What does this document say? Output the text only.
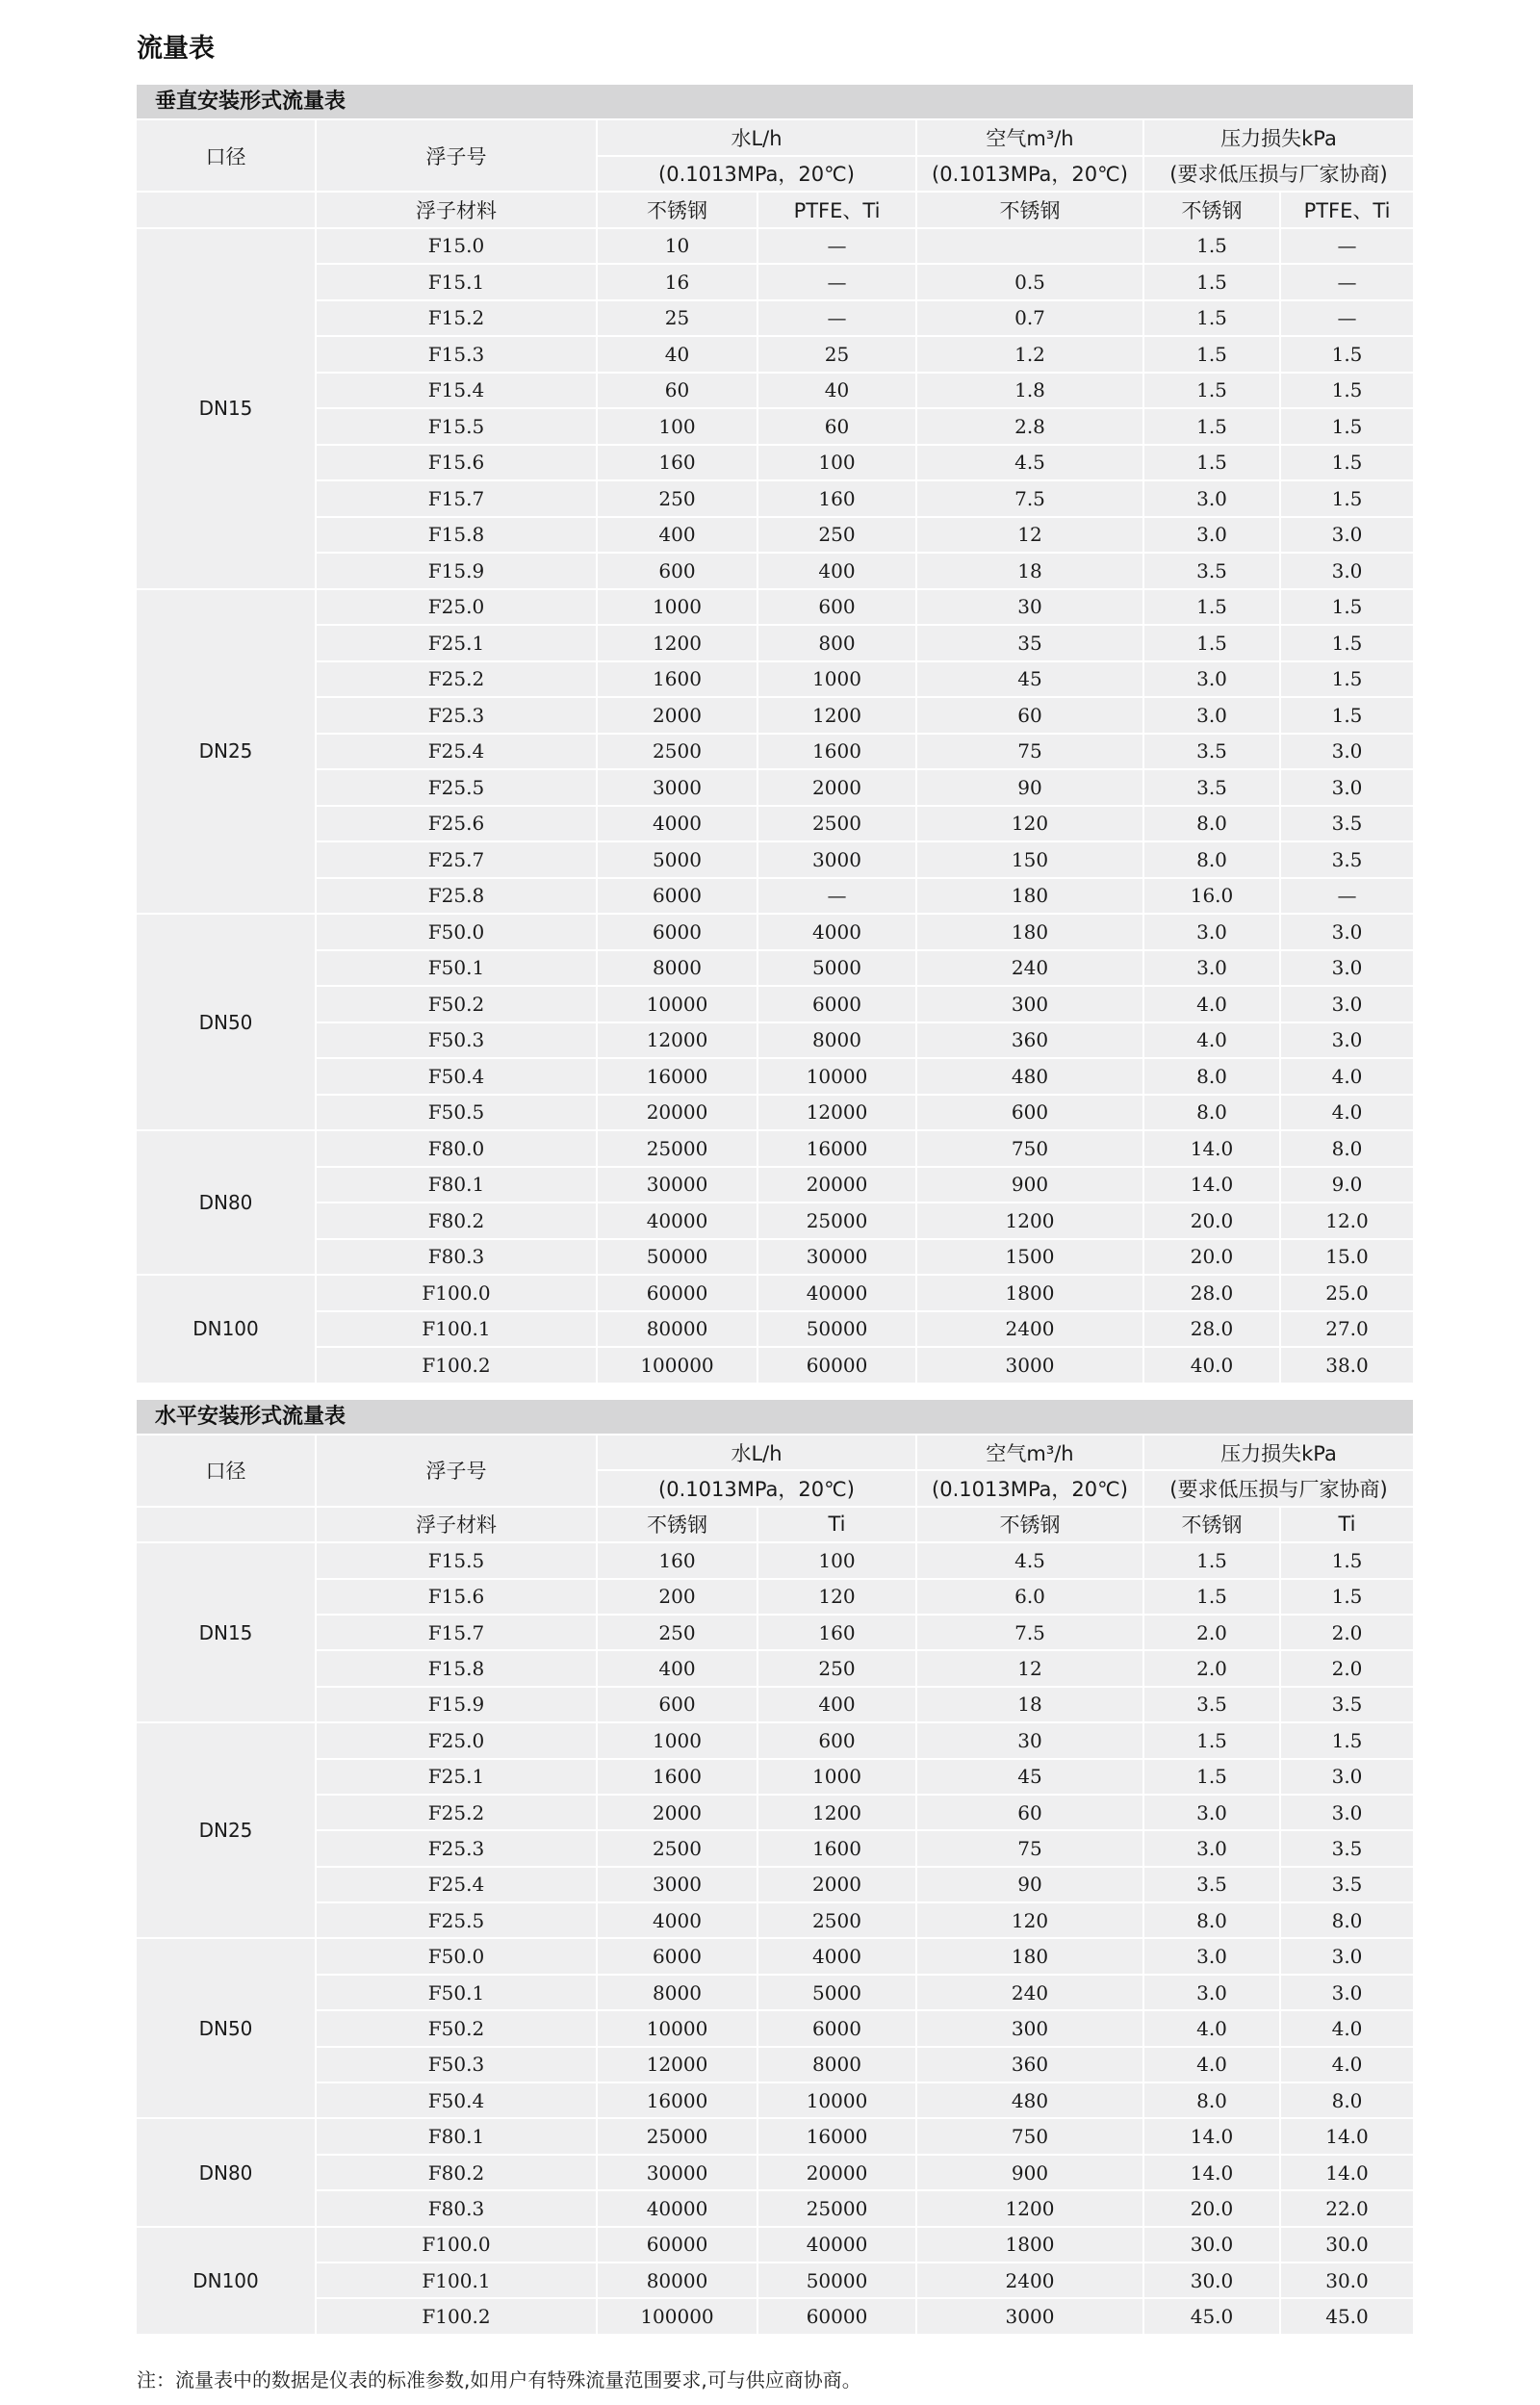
流量表
垂直安装形式流量表
口径	浮子号	水L/h		空气m³/h	压力损失kPa	
		(0.1013MPa，20℃)		(0.1013MPa，20℃)	(要求低压损与厂家协商)	
	浮子材料	不锈钢	PTFE、Ti	不锈钢	不锈钢	PTFE、Ti
DN15	F15.0	10	—		1.5	—
	F15.1	16	—	0.5	1.5	—
	F15.2	25	—	0.7	1.5	—
	F15.3	40	25	1.2	1.5	1.5
	F15.4	60	40	1.8	1.5	1.5
	F15.5	100	60	2.8	1.5	1.5
	F15.6	160	100	4.5	1.5	1.5
	F15.7	250	160	7.5	3.0	1.5
	F15.8	400	250	12	3.0	3.0
	F15.9	600	400	18	3.5	3.0
DN25	F25.0	1000	600	30	1.5	1.5
	F25.1	1200	800	35	1.5	1.5
	F25.2	1600	1000	45	3.0	1.5
	F25.3	2000	1200	60	3.0	1.5
	F25.4	2500	1600	75	3.5	3.0
	F25.5	3000	2000	90	3.5	3.0
	F25.6	4000	2500	120	8.0	3.5
	F25.7	5000	3000	150	8.0	3.5
	F25.8	6000	—	180	16.0	—
DN50	F50.0	6000	4000	180	3.0	3.0
	F50.1	8000	5000	240	3.0	3.0
	F50.2	10000	6000	300	4.0	3.0
	F50.3	12000	8000	360	4.0	3.0
	F50.4	16000	10000	480	8.0	4.0
	F50.5	20000	12000	600	8.0	4.0
DN80	F80.0	25000	16000	750	14.0	8.0
	F80.1	30000	20000	900	14.0	9.0
	F80.2	40000	25000	1200	20.0	12.0
	F80.3	50000	30000	1500	20.0	15.0
DN100	F100.0	60000	40000	1800	28.0	25.0
	F100.1	80000	50000	2400	28.0	27.0
	F100.2	100000	60000	3000	40.0	38.0
水平安装形式流量表
口径	浮子号	水L/h		空气m³/h	压力损失kPa	
		(0.1013MPa，20℃)		(0.1013MPa，20℃)	(要求低压损与厂家协商)	
	浮子材料	不锈钢	Ti	不锈钢	不锈钢	Ti
DN15	F15.5	160	100	4.5	1.5	1.5
	F15.6	200	120	6.0	1.5	1.5
	F15.7	250	160	7.5	2.0	2.0
	F15.8	400	250	12	2.0	2.0
	F15.9	600	400	18	3.5	3.5
DN25	F25.0	1000	600	30	1.5	1.5
	F25.1	1600	1000	45	1.5	3.0
	F25.2	2000	1200	60	3.0	3.0
	F25.3	2500	1600	75	3.0	3.5
	F25.4	3000	2000	90	3.5	3.5
	F25.5	4000	2500	120	8.0	8.0
DN50	F50.0	6000	4000	180	3.0	3.0
	F50.1	8000	5000	240	3.0	3.0
	F50.2	10000	6000	300	4.0	4.0
	F50.3	12000	8000	360	4.0	4.0
	F50.4	16000	10000	480	8.0	8.0
DN80	F80.1	25000	16000	750	14.0	14.0
	F80.2	30000	20000	900	14.0	14.0
	F80.3	40000	25000	1200	20.0	22.0
DN100	F100.0	60000	40000	1800	30.0	30.0
	F100.1	80000	50000	2400	30.0	30.0
	F100.2	100000	60000	3000	45.0	45.0
注：流量表中的数据是仪表的标准参数,如用户有特殊流量范围要求,可与供应商协商。
